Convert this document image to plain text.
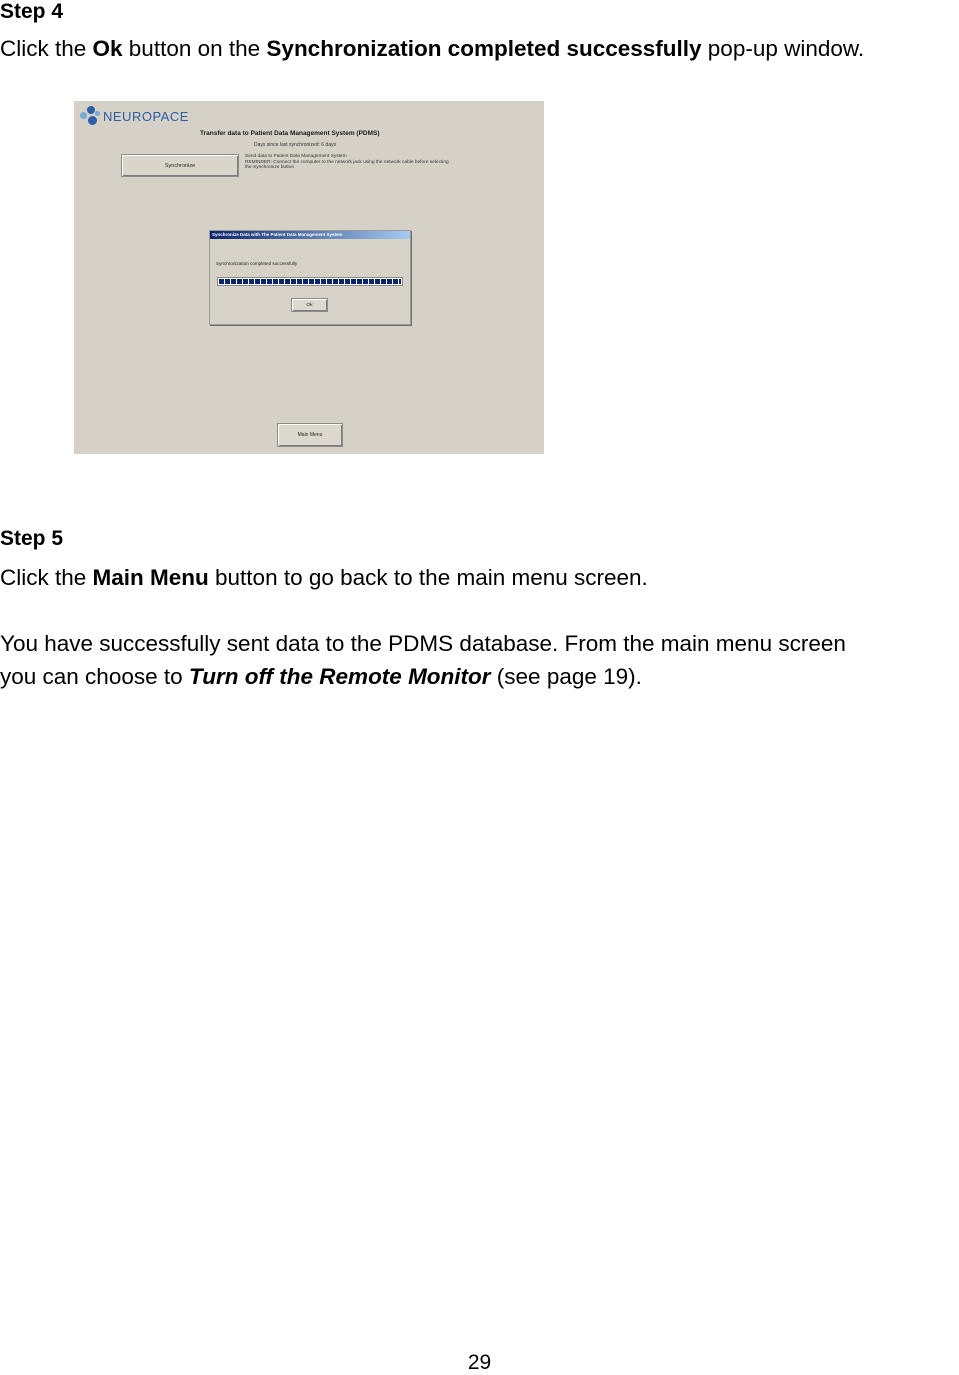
Step 4

Click the Ok button on the Synchronization completed successfully pop-up window.

NEUROPACE
Transfer data to Patient Data Management System (PDMS)
Days since last synchronized: 6 days
Synchronize
Send data to Patient Data Management System
REMINDER: Connect the computer to the network jack using the network cable before selecting
the Synchronize button
Synchronize Data with The Patient Data Management System
Synchronization completed successfully
Ok
Main Menu
Step 5

Click the Main Menu button to go back to the main menu screen.

You have successfully sent data to the PDMS database. From the main menu screen
you can choose to Turn off the Remote Monitor (see page 19).

29
